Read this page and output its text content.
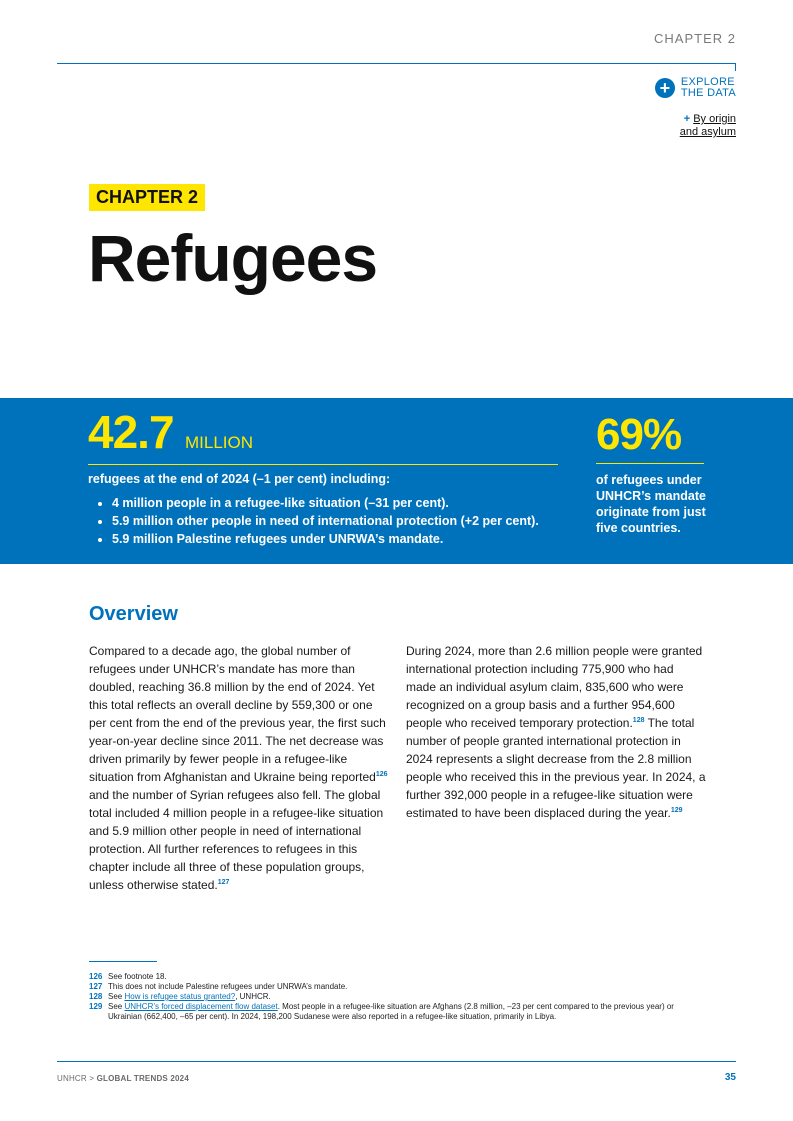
CHAPTER 2
+ EXPLORE
THE DATA
+ By origin
and asylum
CHAPTER 2
Refugees
42.7 MILLION
refugees at the end of 2024 (–1 per cent) including:
• 4 million people in a refugee-like situation (–31 per cent).
• 5.9 million other people in need of international protection (+2 per cent).
• 5.9 million Palestine refugees under UNRWA’s mandate.
69%
of refugees under UNHCR’s mandate originate from just five countries.
Overview
Compared to a decade ago, the global number of refugees under UNHCR’s mandate has more than doubled, reaching 36.8 million by the end of 2024. Yet this total reflects an overall decline by 559,300 or one per cent from the end of the previous year, the first such year-on-year decline since 2011. The net decrease was driven primarily by fewer people in a refugee-like situation from Afghanistan and Ukraine being reported$^{126}$ and the number of Syrian refugees also fell. The global total included 4 million people in a refugee-like situation and 5.9 million other people in need of international protection. All further references to refugees in this chapter include all three of these population groups, unless otherwise stated.$^{127}$
During 2024, more than 2.6 million people were granted international protection including 775,900 who had made an individual asylum claim, 835,600 who were recognized on a group basis and a further 954,600 people who received temporary protection.$^{128}$ The total number of people granted international protection in 2024 represents a slight decrease from the 2.8 million people who received this in the previous year. In 2024, a further 392,000 people in a refugee-like situation were estimated to have been displaced during the year.$^{129}$
126 See footnote 18.
127 This does not include Palestine refugees under UNRWA’s mandate.
128 See How is refugee status granted?, UNHCR.
129 See UNHCR’s forced displacement flow dataset. Most people in a refugee-like situation are Afghans (2.8 million, –23 per cent compared to the previous year) or Ukrainian (662,400, –65 per cent). In 2024, 198,200 Sudanese were also reported in a refugee-like situation, primarily in Libya.
UNHCR > GLOBAL TRENDS 2024	35
